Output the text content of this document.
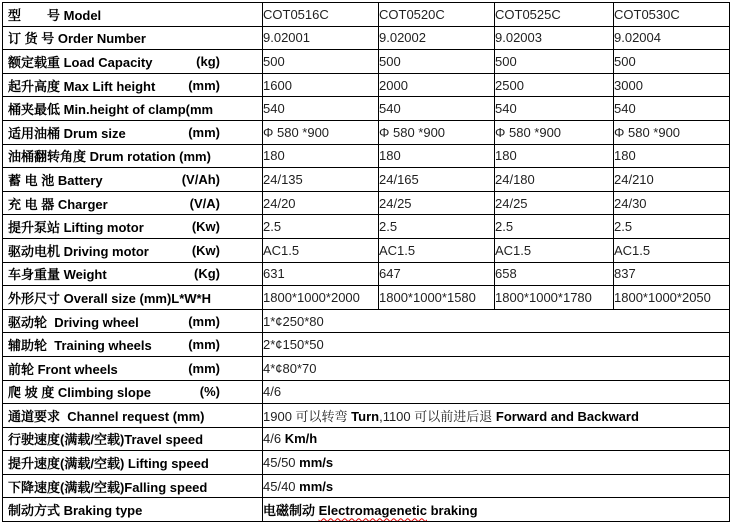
型　　号 Model	COT0516C	COT0520C	COT0525C	COT0530C

订 货 号 Order Number	9.02001	9.02002	9.02003	9.02004

额定载重 Load Capacity (kg)	500	500	500	500

起升高度 Max Lift height (mm)	1600	2000	2500	3000

桶夹最低 Min.height of clamp(mm	540	540	540	540

适用油桶 Drum size (mm)	Φ 580 *900	Φ 580 *900	Φ 580 *900	Φ 580 *900

油桶翻转角度 Drum rotation (mm)	180	180	180	180

蓄 电 池 Battery (V/Ah)	24/135	24/165	24/180	24/210

充 电 器 Charger (V/A)	24/20	24/25	24/25	24/30

提升泵站 Lifting motor (Kw)	2.5	2.5	2.5	2.5

驱动电机 Driving motor (Kw)	AC1.5	AC1.5	AC1.5	AC1.5

车身重量 Weight (Kg)	631	647	658	837

外形尺寸 Overall size (mm)L*W*H	1800*1000*2000	1800*1000*1580	1800*1000*1780	1800*1000*2050

驱动轮  Driving wheel (mm)	1*¢250*80			

辅助轮  Training wheels (mm)	2*¢150*50			

前轮 Front wheels (mm)	4*¢80*70			

爬 坡 度 Climbing slope (%)	4/6			

通道要求  Channel request (mm)	1900 可以转弯 Turn,1100 可以前进后退 Forward and Backward			

行驶速度(满载/空载)Travel speed	4/6 Km/h			

提升速度(满载/空载) Lifting speed	45/50 mm/s			

下降速度(满载/空载)Falling speed	45/40 mm/s			

制动方式 Braking type	电磁制动 Electromagenetic braking			
